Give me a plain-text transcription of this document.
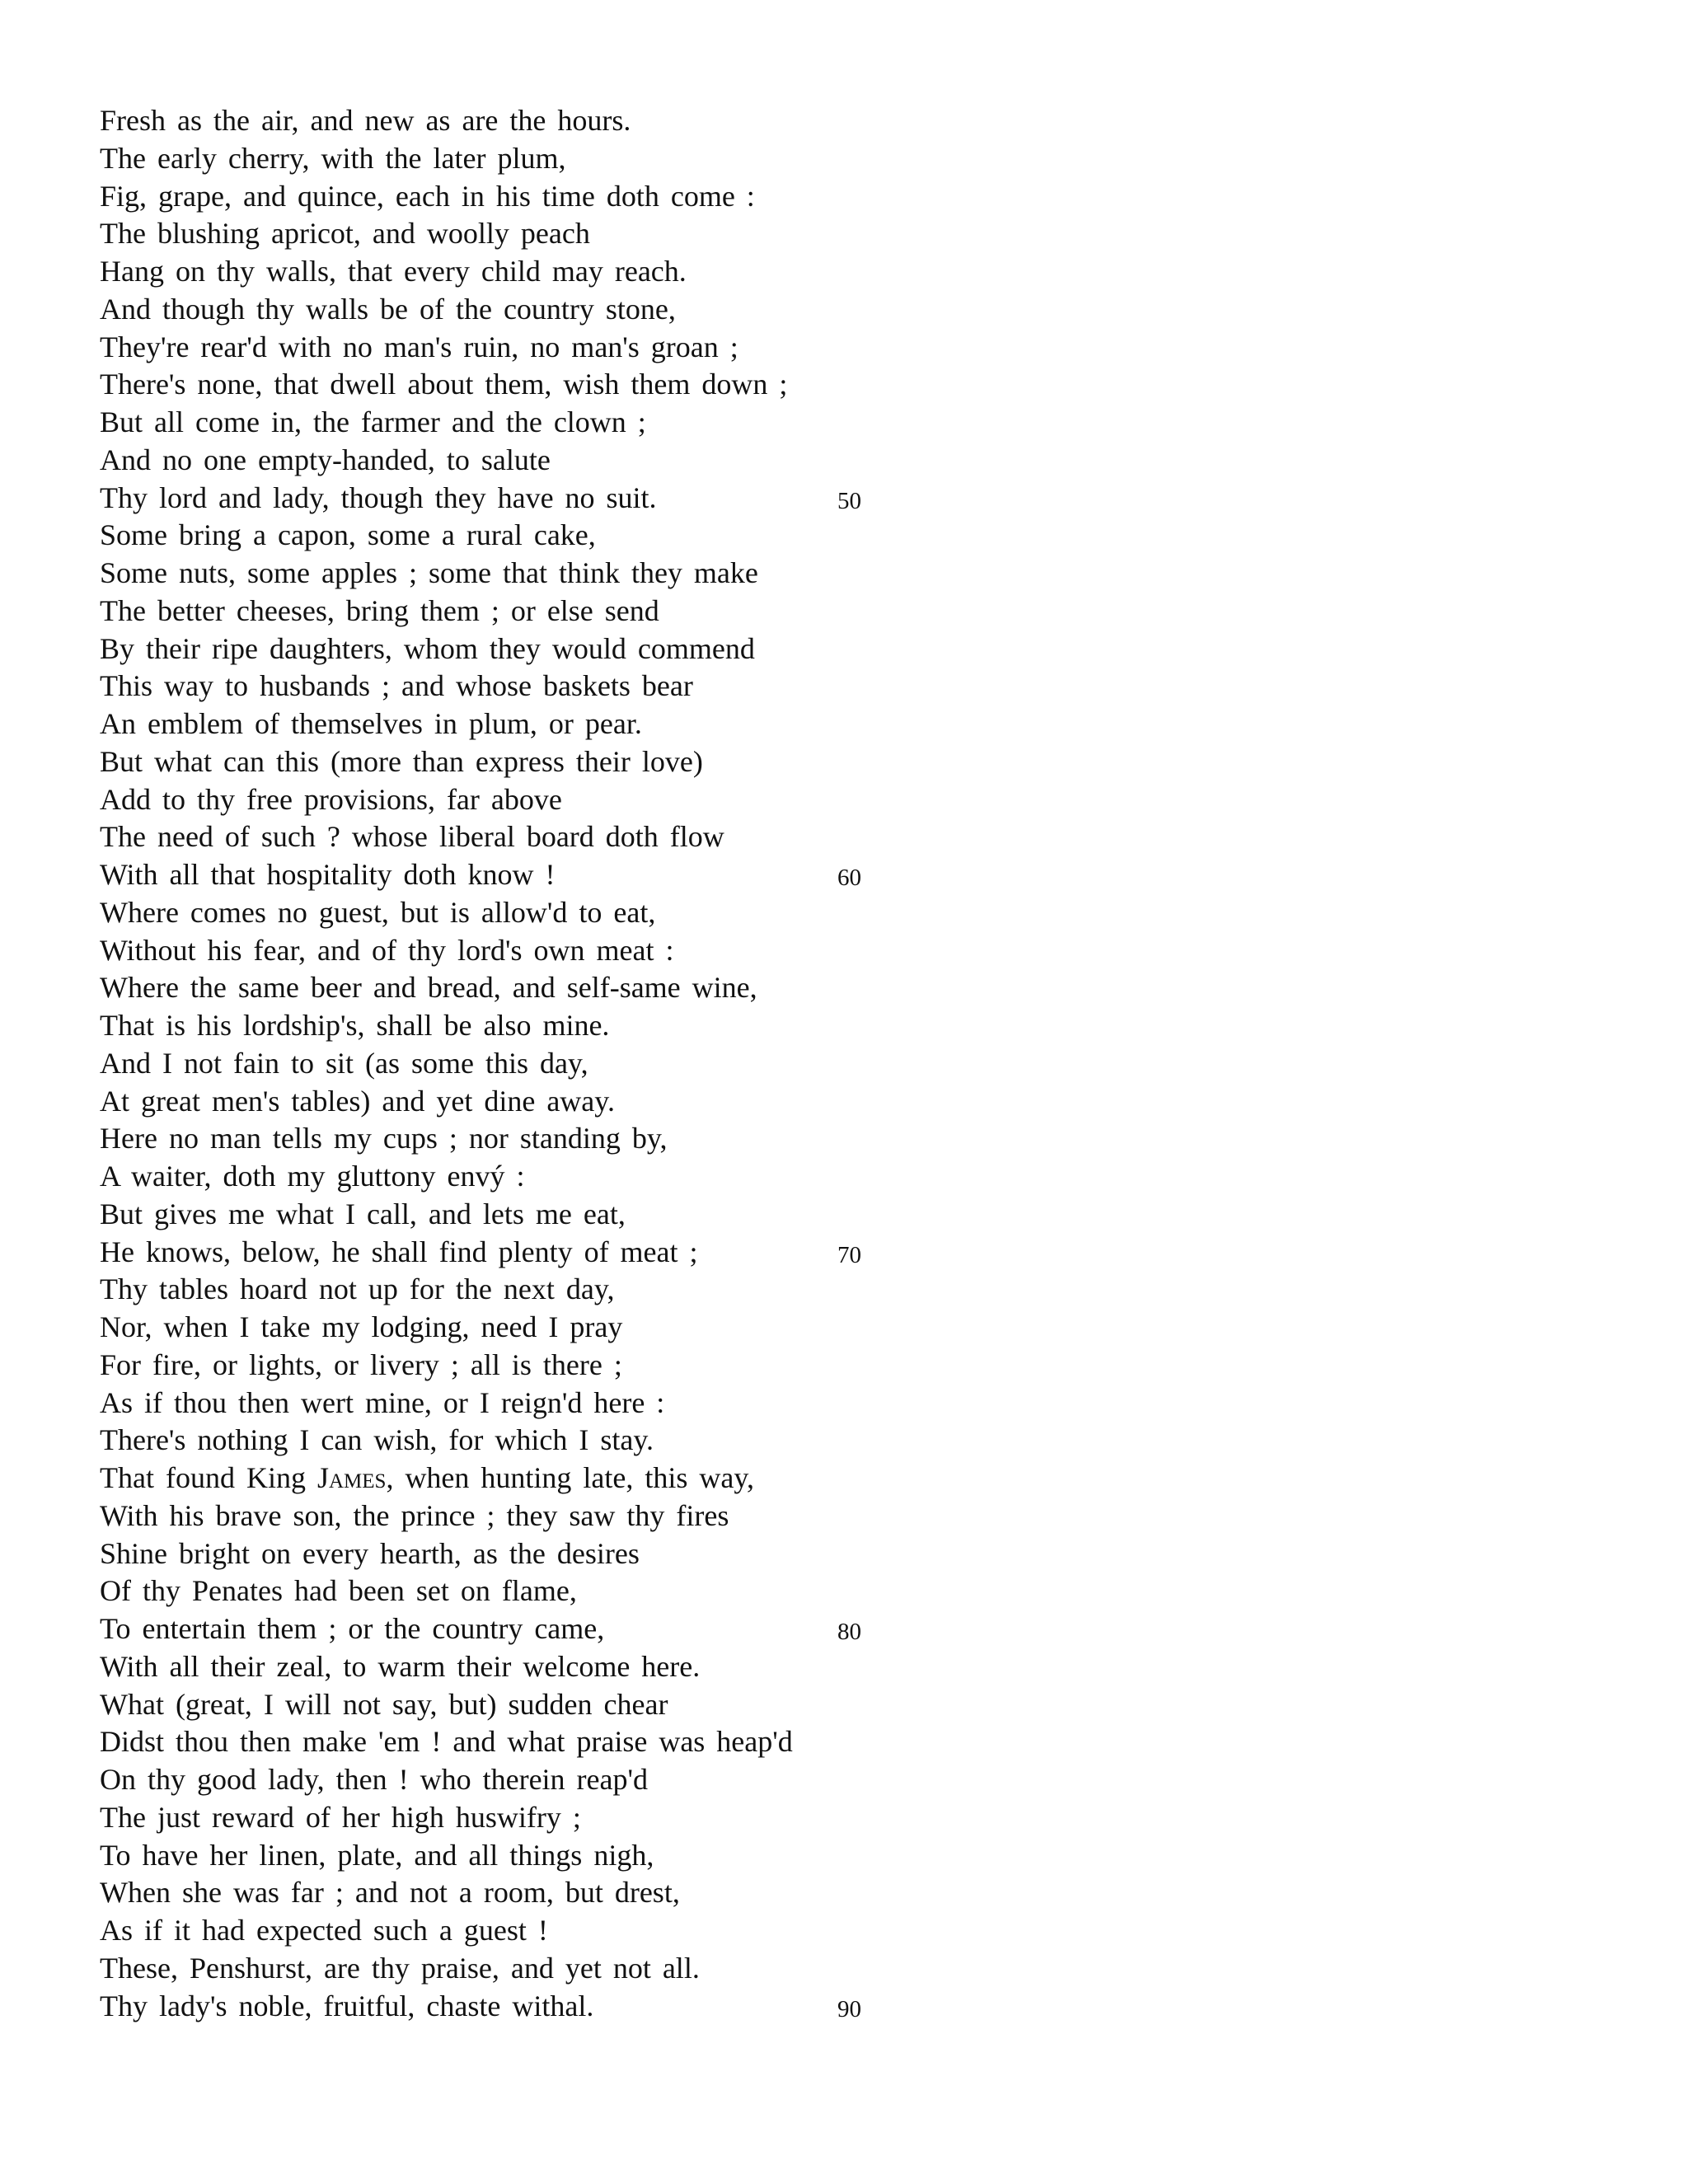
Fresh as the air, and new as are the hours.
The early cherry, with the later plum,
Fig, grape, and quince, each in his time doth come :
The blushing apricot, and woolly peach
Hang on thy walls, that every child may reach.
And though thy walls be of the country stone,
They're rear'd with no man's ruin, no man's groan ;
There's none, that dwell about them, wish them down ;
But all come in, the farmer and the clown ;
And no one empty-handed, to salute
Thy lord and lady, though they have no suit.	50
Some bring a capon, some a rural cake,
Some nuts, some apples ; some that think they make
The better cheeses, bring them ; or else send
By their ripe daughters, whom they would commend
This way to husbands ; and whose baskets bear
An emblem of themselves in plum, or pear.
But what can this (more than express their love)
Add to thy free provisions, far above
The need of such ? whose liberal board doth flow
With all that hospitality doth know !	60
Where comes no guest, but is allow'd to eat,
Without his fear, and of thy lord's own meat :
Where the same beer and bread, and self-same wine,
That is his lordship's, shall be also mine.
And I not fain to sit (as some this day,
At great men's tables) and yet dine away.
Here no man tells my cups ; nor standing by,
A waiter, doth my gluttony envý :
But gives me what I call, and lets me eat,
He knows, below, he shall find plenty of meat ;	70
Thy tables hoard not up for the next day,
Nor, when I take my lodging, need I pray
For fire, or lights, or livery ; all is there ;
As if thou then wert mine, or I reign'd here :
There's nothing I can wish, for which I stay.
That found King James, when hunting late, this way,
With his brave son, the prince ; they saw thy fires
Shine bright on every hearth, as the desires
Of thy Penates had been set on flame,
To entertain them ; or the country came,	80
With all their zeal, to warm their welcome here.
What (great, I will not say, but) sudden chear
Didst thou then make 'em ! and what praise was heap'd
On thy good lady, then ! who therein reap'd
The just reward of her high huswifry ;
To have her linen, plate, and all things nigh,
When she was far ; and not a room, but drest,
As if it had expected such a guest !
These, Penshurst, are thy praise, and yet not all.
Thy lady's noble, fruitful, chaste withal.	90
